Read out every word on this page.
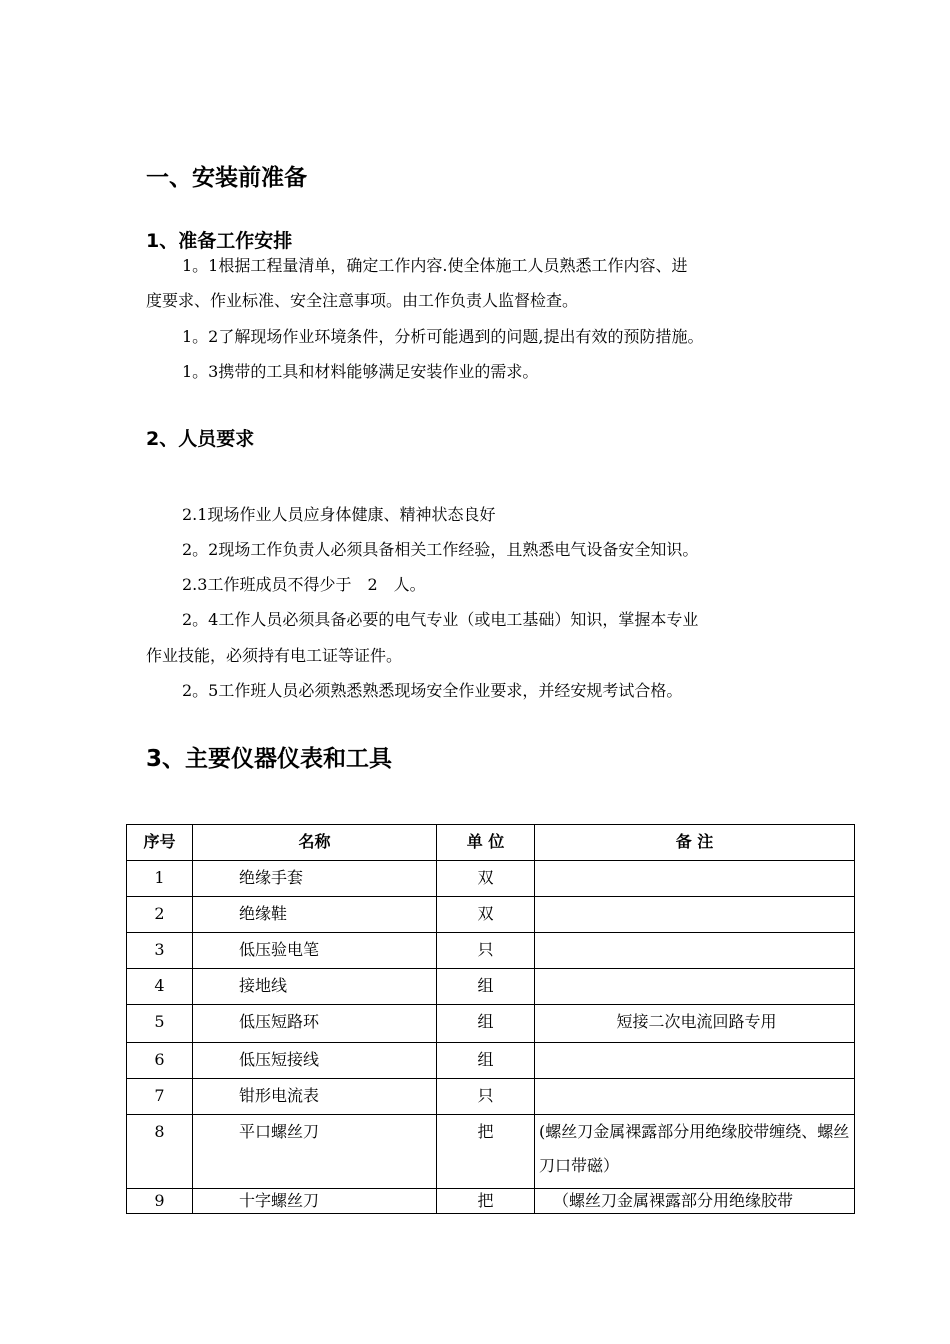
一、安装前准备
1、准备工作安排
1。1根据工程量清单，确定工作内容.使全体施工人员熟悉工作内容、进
度要求、作业标准、安全注意事项。由工作负责人监督检查。
1。2了解现场作业环境条件，分析可能遇到的问题,提出有效的预防措施。
1。3携带的工具和材料能够满足安装作业的需求。
2、人员要求
2.1现场作业人员应身体健康、精神状态良好
2。2现场工作负责人必须具备相关工作经验，且熟悉电气设备安全知识。
2.3工作班成员不得少于　2　人。
2。4工作人员必须具备必要的电气专业（或电工基础）知识，掌握本专业
作业技能，必须持有电工证等证件。
2。5工作班人员必须熟悉熟悉现场安全作业要求，并经安规考试合格。
3、主要仪器仪表和工具
序号	名称	单 位	备 注
1	绝缘手套	双	
2	绝缘鞋	双	
3	低压验电笔	只	
4	接地线	组	
5	低压短路环	组	短接二次电流回路专用
6	低压短接线	组	
7	钳形电流表	只	
8	平口螺丝刀	把	(螺丝刀金属裸露部分用绝缘胶带缠绕、螺丝刀口带磁）
9	十字螺丝刀	把	（螺丝刀金属裸露部分用绝缘胶带
